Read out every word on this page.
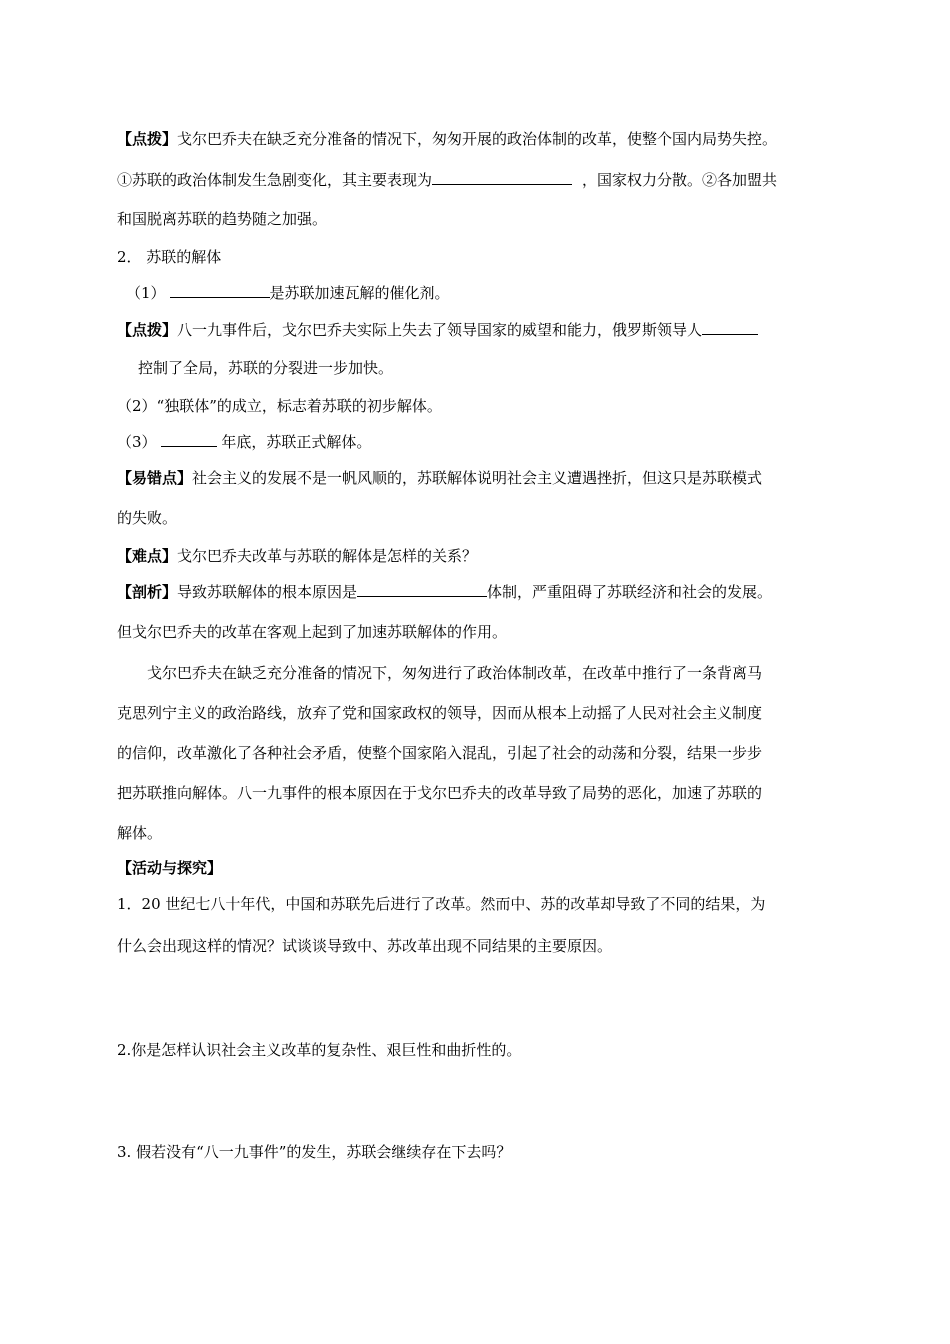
【点拨】戈尔巴乔夫在缺乏充分准备的情况下，匆匆开展的政治体制的改革，使整个国内局势失控。
①苏联的政治体制发生急剧变化，其主要表现为	，国家权力分散。②各加盟共
和国脱离苏联的趋势随之加强。
2． 苏联的解体
（1）	是苏联加速瓦解的催化剂。
【点拨】八一九事件后，戈尔巴乔夫实际上失去了领导国家的威望和能力，俄罗斯领导人
控制了全局，苏联的分裂进一步加快。
（2）“独联体”的成立，标志着苏联的初步解体。
（3）	年底，苏联正式解体。
【易错点】社会主义的发展不是一帆风顺的，苏联解体说明社会主义遭遇挫折，但这只是苏联模式
的失败。
【难点】戈尔巴乔夫改革与苏联的解体是怎样的关系？
【剖析】导致苏联解体的根本原因是	体制，严重阻碍了苏联经济和社会的发展。
但戈尔巴乔夫的改革在客观上起到了加速苏联解体的作用。
戈尔巴乔夫在缺乏充分准备的情况下，匆匆进行了政治体制改革，在改革中推行了一条背离马
克思列宁主义的政治路线，放弃了党和国家政权的领导，因而从根本上动摇了人民对社会主义制度
的信仰，改革激化了各种社会矛盾，使整个国家陷入混乱，引起了社会的动荡和分裂，结果一步步
把苏联推向解体。八一九事件的根本原因在于戈尔巴乔夫的改革导致了局势的恶化，加速了苏联的
解体。
【活动与探究】
1．20 世纪七八十年代，中国和苏联先后进行了改革。然而中、苏的改革却导致了不同的结果，为
什么会出现这样的情况？试谈谈导致中、苏改革出现不同结果的主要原因。
2.你是怎样认识社会主义改革的复杂性、艰巨性和曲折性的。
3. 假若没有“八一九事件”的发生，苏联会继续存在下去吗？
